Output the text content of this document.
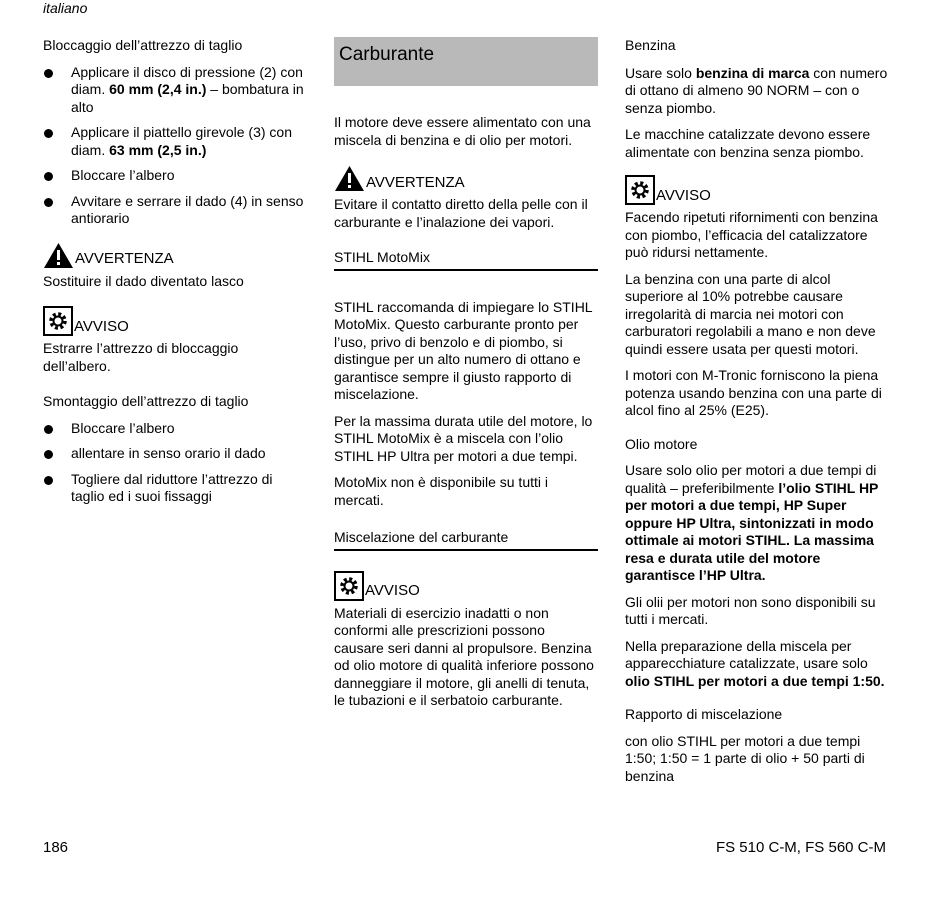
italiano
Bloccaggio dell’attrezzo di taglio
Applicare il disco di pressione (2) con diam. 60 mm (2,4 in.) – bombatura in alto
Applicare il piattello girevole (3) con diam. 63 mm (2,5 in.)
Bloccare l’albero
Avvitare e serrare il dado (4) in senso antiorario
AVVERTENZA

Sostituire il dado diventato lasco

AVVISO

Estrarre l’attrezzo di bloccaggio dell’albero.

Smontaggio dell’attrezzo di taglio
Bloccare l’albero
allentare in senso orario il dado
Togliere dal riduttore l’attrezzo di taglio ed i suoi fissaggi
Carburante

Il motore deve essere alimentato con una miscela di benzina e di olio per motori.

AVVERTENZA

Evitare il contatto diretto della pelle con il carburante e l’inalazione dei vapori.

STIHL MotoMix

STIHL raccomanda di impiegare lo STIHL MotoMix. Questo carburante pronto per l’uso, privo di benzolo e di piombo, si distingue per un alto numero di ottano e garantisce sempre il giusto rapporto di miscelazione.

Per la massima durata utile del motore, lo STIHL MotoMix è a miscela con l’olio STIHL HP Ultra per motori a due tempi.

MotoMix non è disponibile su tutti i mercati.

Miscelazione del carburante
AVVISO

Materiali di esercizio inadatti o non conformi alle prescrizioni possono causare seri danni al propulsore. Benzina od olio motore di qualità inferiore possono danneggiare il motore, gli anelli di tenuta, le tubazioni e il serbatoio carburante.

Benzina

Usare solo benzina di marca con numero di ottano di almeno 90 NORM – con o senza piombo.

Le macchine catalizzate devono essere alimentate con benzina senza piombo.

AVVISO

Facendo ripetuti rifornimenti con benzina con piombo, l’efficacia del catalizzatore può ridursi nettamente.

La benzina con una parte di alcol superiore al 10% potrebbe causare irregolarità di marcia nei motori con carburatori regolabili a mano e non deve quindi essere usata per questi motori.

I motori con M-Tronic forniscono la piena potenza usando benzina con una parte di alcol fino al 25% (E25).

Olio motore

Usare solo olio per motori a due tempi di qualità – preferibilmente l’olio STIHL HP per motori a due tempi, HP Super oppure HP Ultra, sintonizzati in modo ottimale ai motori STIHL. La massima resa e durata utile del motore garantisce l’HP Ultra.

Gli olii per motori non sono disponibili su tutti i mercati.

Nella preparazione della miscela per apparecchiature catalizzate, usare solo olio STIHL per motori a due tempi 1:50.

Rapporto di miscelazione

con olio STIHL per motori a due tempi 1:50; 1:50 = 1 parte di olio + 50 parti di benzina

186	FS 510 C-M, FS 560 C-M
